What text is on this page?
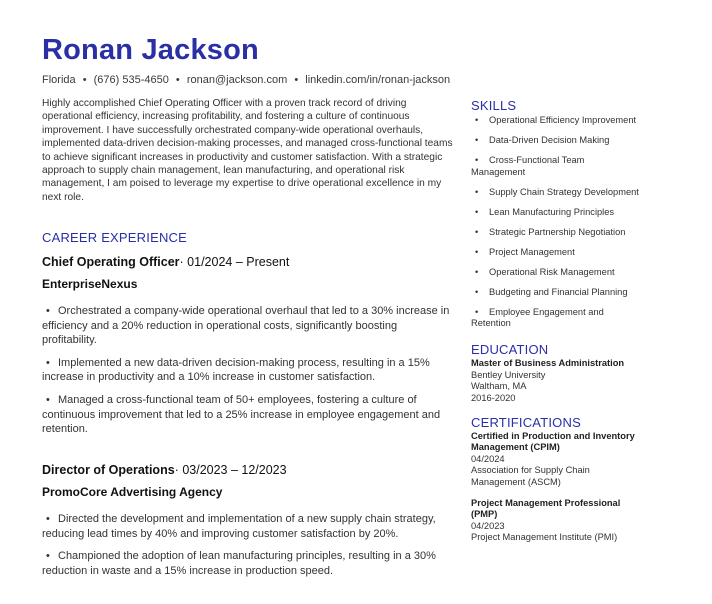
Ronan Jackson
Florida • (676) 535-4650 • ronan@jackson.com • linkedin.com/in/ronan-jackson

Highly accomplished Chief Operating Officer with a proven track record of driving operational efficiency, increasing profitability, and fostering a culture of continuous improvement. I have successfully orchestrated company-wide operational overhauls, implemented data-driven decision-making processes, and managed cross-functional teams to achieve significant increases in productivity and customer satisfaction. With a strategic approach to supply chain management, lean manufacturing, and operational risk management, I am poised to leverage my expertise to drive operational excellence in my next role.

CAREER EXPERIENCE
Chief Operating Officer· 01/2024 – Present
EnterpriseNexus
• Orchestrated a company-wide operational overhaul that led to a 30% increase in efficiency and a 20% reduction in operational costs, significantly boosting profitability.
• Implemented a new data-driven decision-making process, resulting in a 15% increase in productivity and a 10% increase in customer satisfaction.
• Managed a cross-functional team of 50+ employees, fostering a culture of continuous improvement that led to a 25% increase in employee engagement and retention.
Director of Operations· 03/2023 – 12/2023
PromoCore Advertising Agency
• Directed the development and implementation of a new supply chain strategy, reducing lead times by 40% and improving customer satisfaction by 20%.
• Championed the adoption of lean manufacturing principles, resulting in a 30% reduction in waste and a 15% increase in production speed.
SKILLS
• Operational Efficiency Improvement
• Data-Driven Decision Making
• Cross-Functional Team Management
• Supply Chain Strategy Development
• Lean Manufacturing Principles
• Strategic Partnership Negotiation
• Project Management
• Operational Risk Management
• Budgeting and Financial Planning
• Employee Engagement and Retention
EDUCATION
Master of Business Administration
Bentley University
Waltham, MA
2016-2020
CERTIFICATIONS
Certified in Production and Inventory Management (CPIM)
04/2024
Association for Supply Chain Management (ASCM)
Project Management Professional (PMP)
04/2023
Project Management Institute (PMI)
